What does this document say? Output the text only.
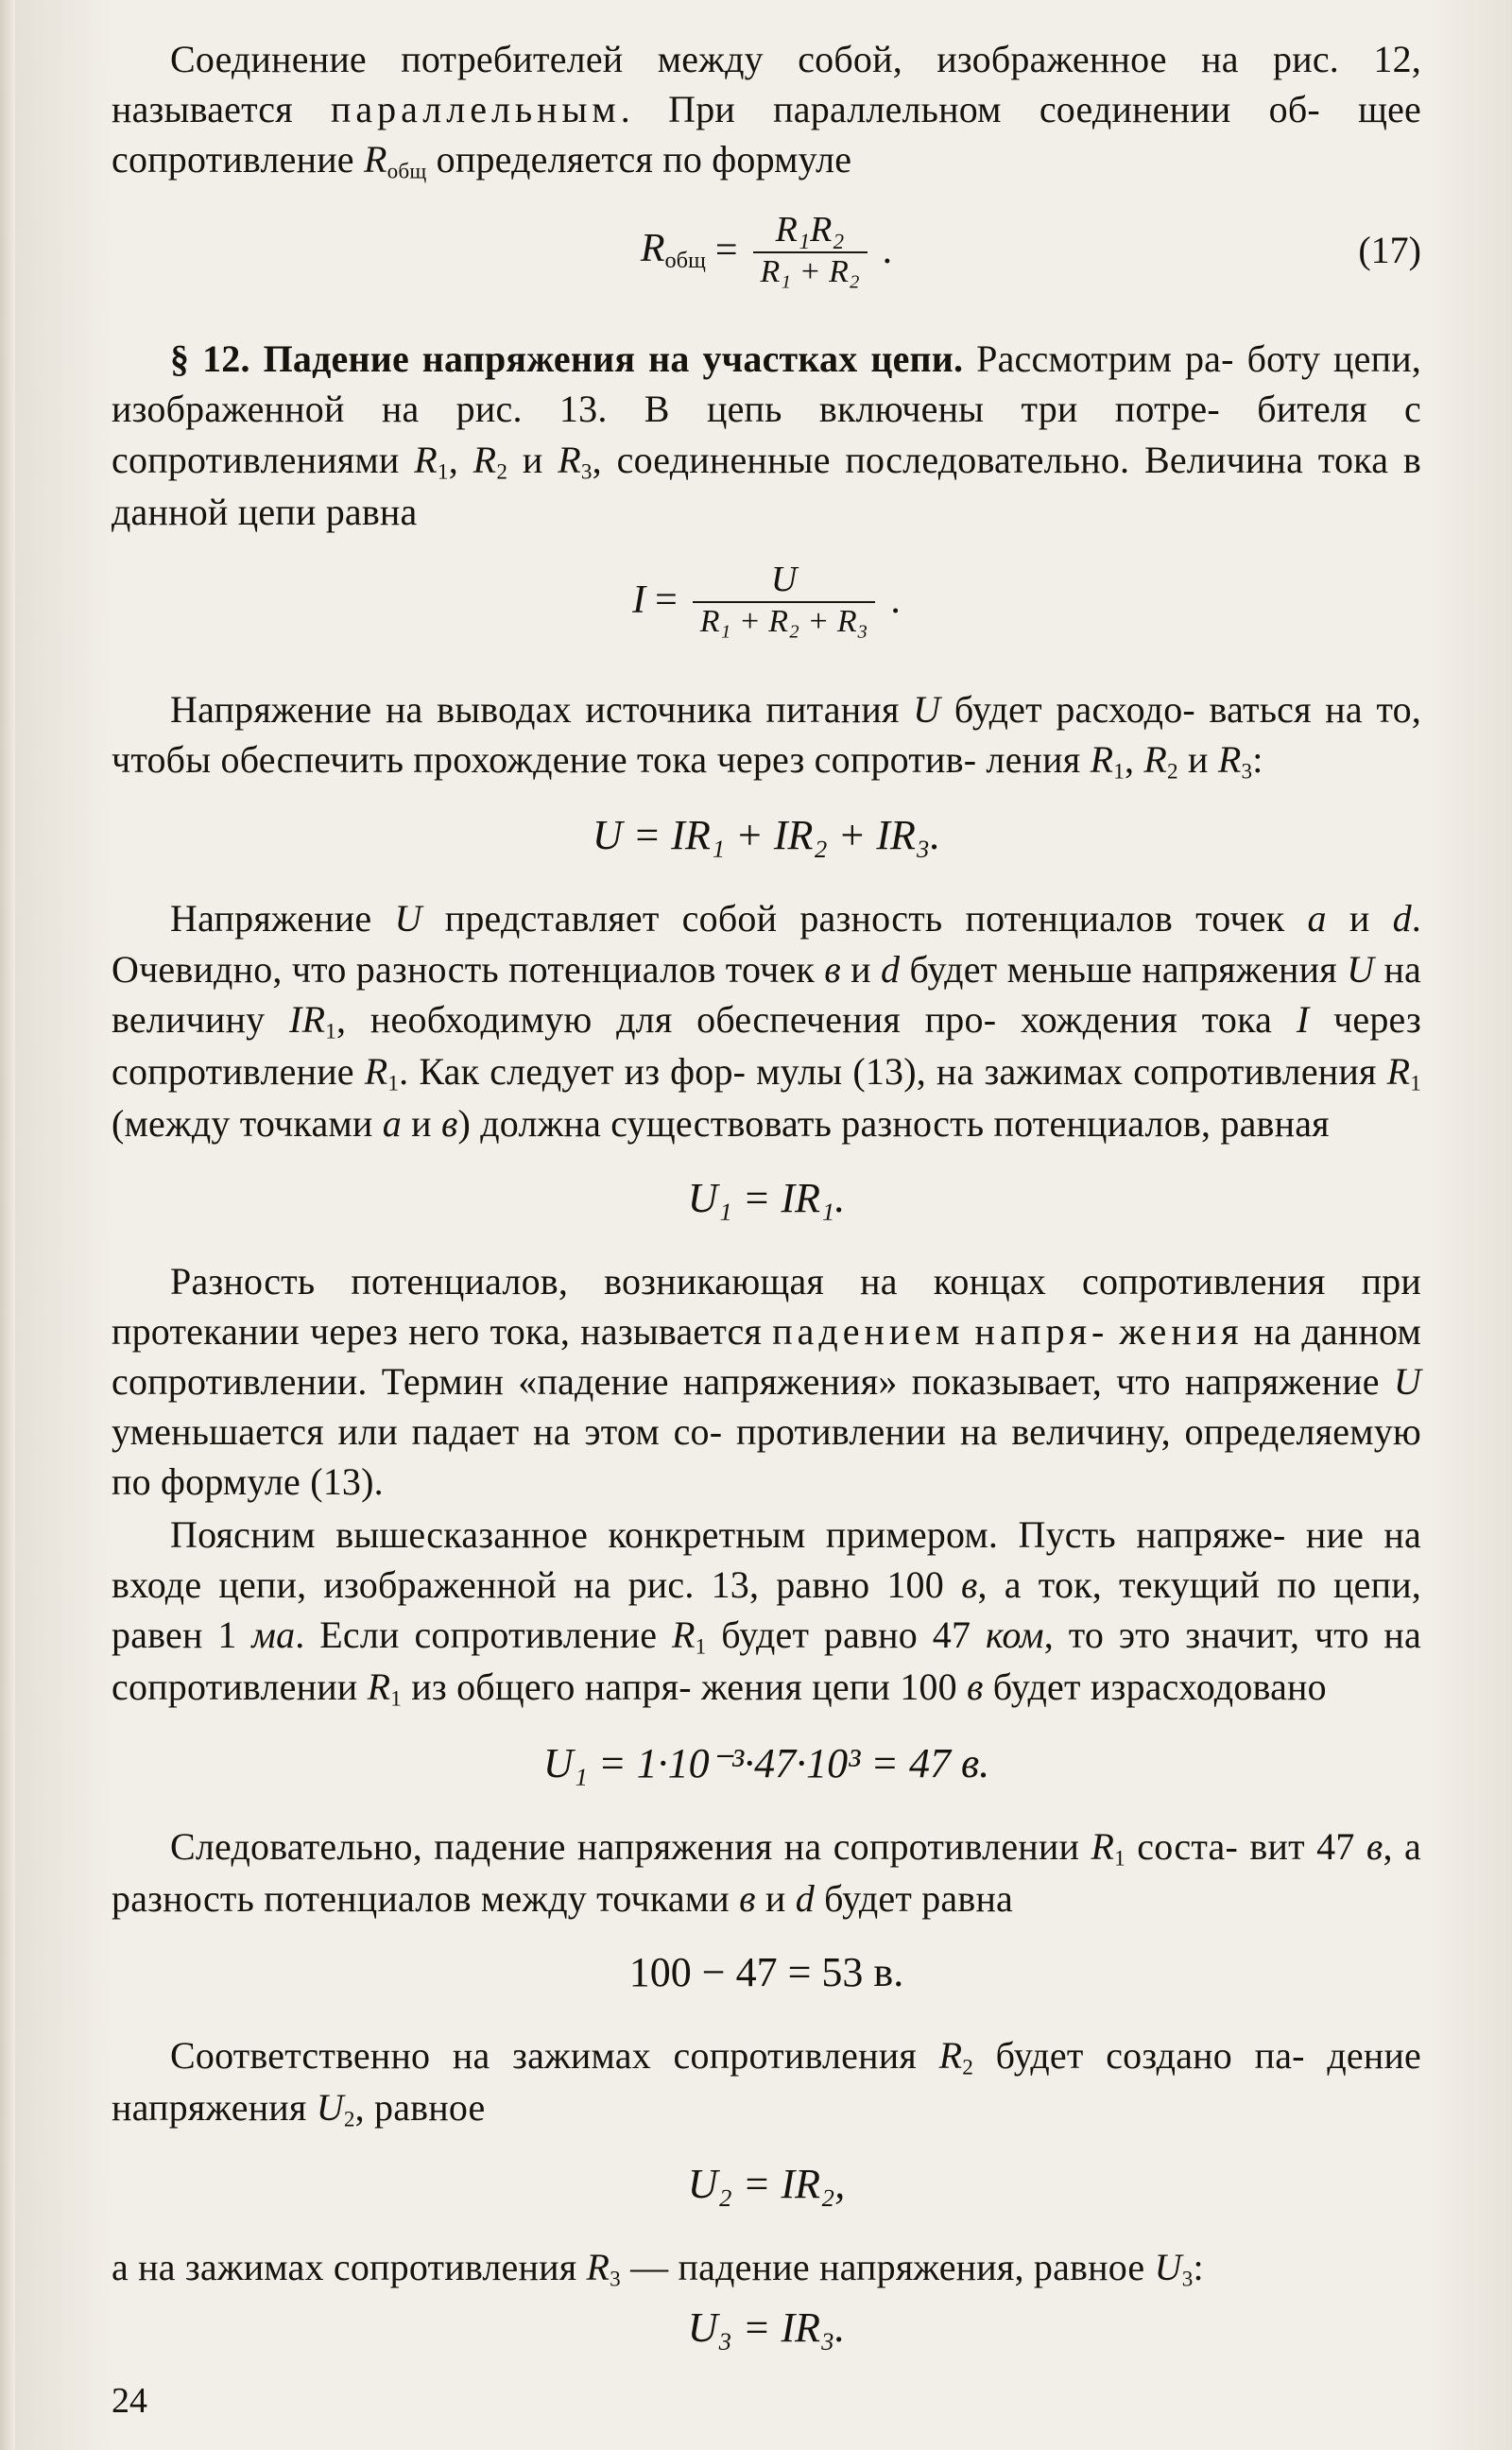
Соединение потребителей между собой, изображенное на рис. 12, называется параллельным. При параллельном соединении об- щее сопротивление $R_{общ}$ определяется по формуле

$R_{общ} = \frac{\text{R₁R₂}}{\text{R₁ + R₂}}$ .	(17)

§ 12. Падение напряжения на участках цепи. Рассмотрим ра- боту цепи, изображенной на рис. 13. В цепь включены три потре- бителя с сопротивлениями $R_1$, $R_2$ и $R_3$, соединенные последовательно. Величина тока в данной цепи равна

$I = \frac{U}{\text{R₁ + R₂ + R₃}}$ .

Напряжение на выводах источника питания U будет расходо- ваться на то, чтобы обеспечить прохождение тока через сопротив- ления $R_1$, $R_2$ и $R_3$:

U = IR₁ + IR₂ + IR₃.

Напряжение U представляет собой разность потенциалов точек а и d. Очевидно, что разность потенциалов точек в и d будет меньше напряжения U на величину $IR_1$, необходимую для обеспечения про- хождения тока I через сопротивление $R_1$. Как следует из фор- мулы (13), на зажимах сопротивления $R_1$ (между точками а и в) должна существовать разность потенциалов, равная

U₁ = IR₁.

Разность потенциалов, возникающая на концах сопротивления при протекании через него тока, называется падением напря- жения на данном сопротивлении. Термин «падение напряжения» показывает, что напряжение U уменьшается или падает на этом со- противлении на величину, определяемую по формуле (13).

Поясним вышесказанное конкретным примером. Пусть напряже- ние на входе цепи, изображенной на рис. 13, равно 100 в, а ток, текущий по цепи, равен 1 ма. Если сопротивление $R_1$ будет равно 47 ком, то это значит, что на сопротивлении $R_1$ из общего напря- жения цепи 100 в будет израсходовано

U₁ = 1·10⁻³·47·10³ = 47 в.

Следовательно, падение напряжения на сопротивлении $R_1$ соста- вит 47 в, а разность потенциалов между точками в и d будет равна

100 − 47 = 53 в.

Соответственно на зажимах сопротивления $R_2$ будет создано па- дение напряжения $U_2$, равное

U₂ = IR₂,

а на зажимах сопротивления $R_3$ — падение напряжения, равное $U_3$:

U₃ = IR₃.
24
